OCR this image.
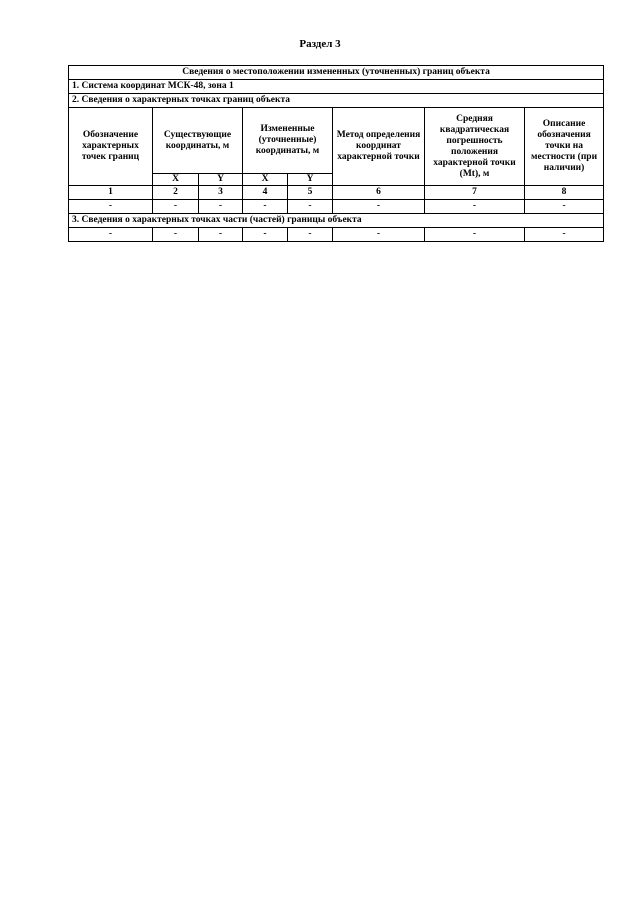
Раздел 3
Сведения о местоположении измененных (уточненных) границ объекта							
1. Система координат МСК-48, зона 1							
2. Сведения о характерных точках границ объекта							
Обозначение характерных точек границ	Существующие координаты, м		Измененные (уточненные) координаты, м		Метод определения координат характерной точки	Средняя квадратическая погрешность положения характерной точки (Mt), м	Описание обозначения точки на местности (при наличии)
	X	Y	X	Y			
1	2	3	4	5	6	7	8
-	-	-	-	-	-	-	-
3. Сведения о характерных точках части (частей) границы объекта							
-	-	-	-	-	-	-	-
